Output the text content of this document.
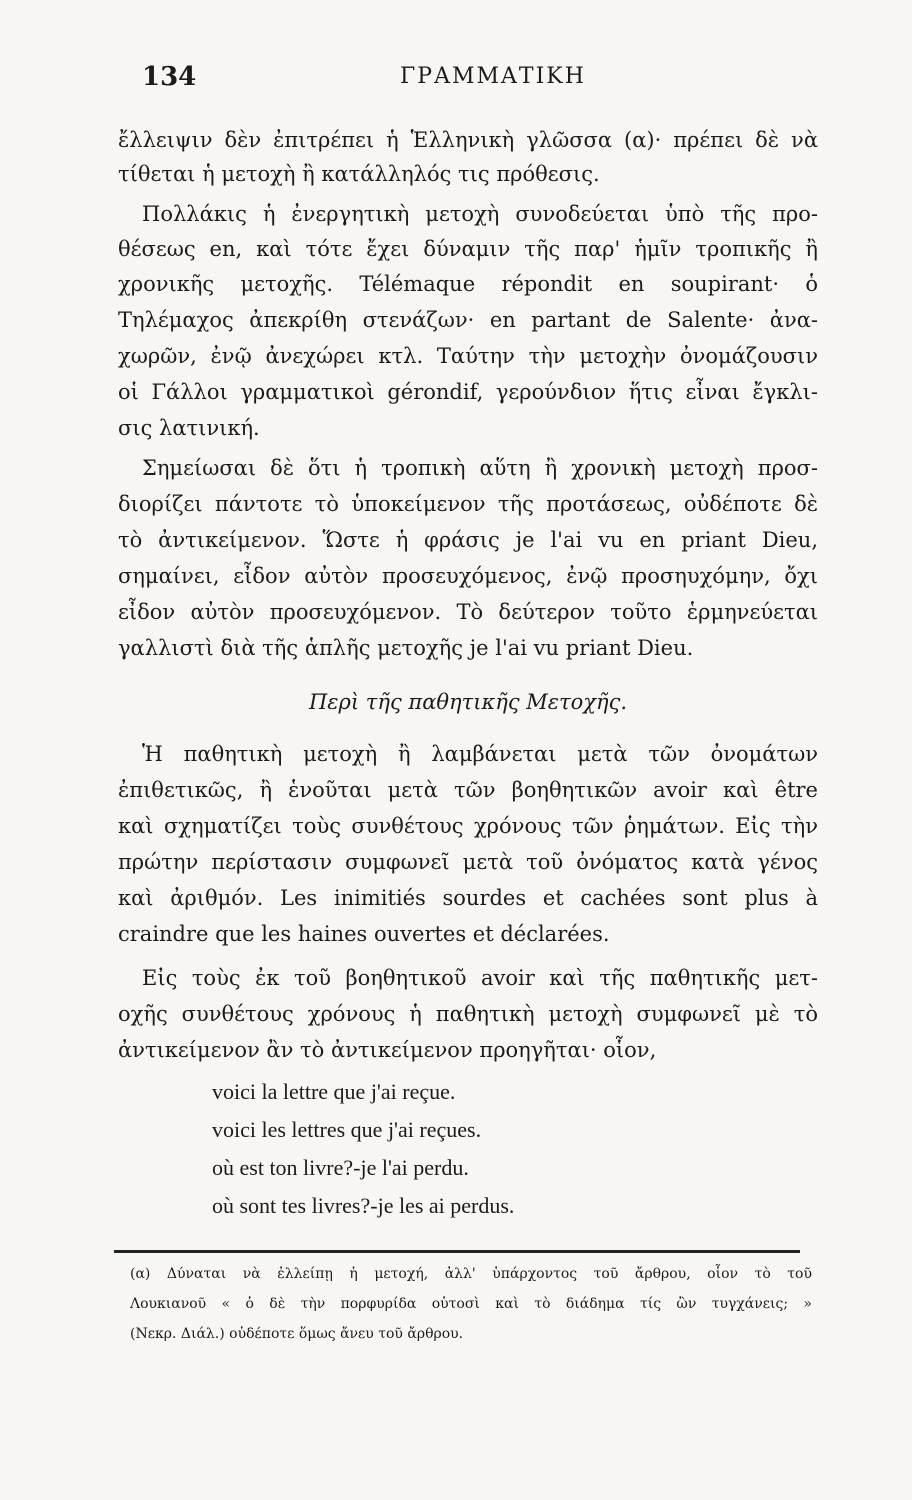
134	ΓΡΑΜΜΑΤΙΚΗ
ἔλλειψιν δὲν ἐπιτρέπει ἡ Ἑλληνικὴ γλῶσσα (α)· πρέπει δὲ νὰ
τίθεται ἡ μετοχὴ ἢ κατάλληλός τις πρόθεσις.
Πολλάκις ἡ ἐνεργητικὴ μετοχὴ συνοδεύεται ὑπὸ τῆς προ-
θέσεως en, καὶ τότε ἔχει δύναμιν τῆς παρ' ἡμῖν τροπικῆς ἢ
χρονικῆς μετοχῆς. Télémaque répondit en soupirant· ὁ
Τηλέμαχος ἀπεκρίθη στενάζων· en partant de Salente· ἀνα-
χωρῶν, ἐνῷ ἀνεχώρει κτλ. Ταύτην τὴν μετοχὴν ὀνομάζουσιν
οἱ Γάλλοι γραμματικοὶ gérondif, γερούνδιον ἥτις εἶναι ἔγκλι-
σις λατινική.
Σημείωσαι δὲ ὅτι ἡ τροπικὴ αὕτη ἢ χρονικὴ μετοχὴ προσ-
διορίζει πάντοτε τὸ ὑποκείμενον τῆς προτάσεως, οὐδέποτε δὲ
τὸ ἀντικείμενον. Ὥστε ἡ φράσις je l'ai vu en priant Dieu,
σημαίνει, εἶδον αὐτὸν προσευχόμενος, ἐνῷ προσηυχόμην, ὄχι
εἶδον αὐτὸν προσευχόμενον. Τὸ δεύτερον τοῦτο ἑρμηνεύεται
γαλλιστὶ διὰ τῆς ἁπλῆς μετοχῆς je l'ai vu priant Dieu.
Περὶ τῆς παθητικῆς Μετοχῆς.
Ἡ παθητικὴ μετοχὴ ἢ λαμβάνεται μετὰ τῶν ὀνομάτων
ἐπιθετικῶς, ἢ ἑνοῦται μετὰ τῶν βοηθητικῶν avoir καὶ être
καὶ σχηματίζει τοὺς συνθέτους χρόνους τῶν ῥημάτων. Εἰς τὴν
πρώτην περίστασιν συμφωνεῖ μετὰ τοῦ ὀνόματος κατὰ γένος
καὶ ἀριθμόν. Les inimitiés sourdes et cachées sont plus à
craindre que les haines ouvertes et déclarées.
Εἰς τοὺς ἐκ τοῦ βοηθητικοῦ avoir καὶ τῆς παθητικῆς μετ-
οχῆς συνθέτους χρόνους ἡ παθητικὴ μετοχὴ συμφωνεῖ μὲ τὸ
ἀντικείμενον ἂν τὸ ἀντικείμενον προηγῆται· οἷον,
voici la lettre que j'ai reçue.
voici les lettres que j'ai reçues.
où est ton livre?-je l'ai perdu.
où sont tes livres?-je les ai perdus.
(α) Δύναται νὰ ἐλλείπῃ ἡ μετοχή, ἀλλ' ὑπάρχοντος τοῦ ἄρθρου, οἷον τὸ τοῦ
Λουκιανοῦ « ὁ δὲ τὴν πορφυρίδα οὑτοσὶ καὶ τὸ διάδημα τίς ὢν τυγχάνεις; »
(Νεκρ. Διάλ.) οὐδέποτε ὅμως ἄνευ τοῦ ἄρθρου.
